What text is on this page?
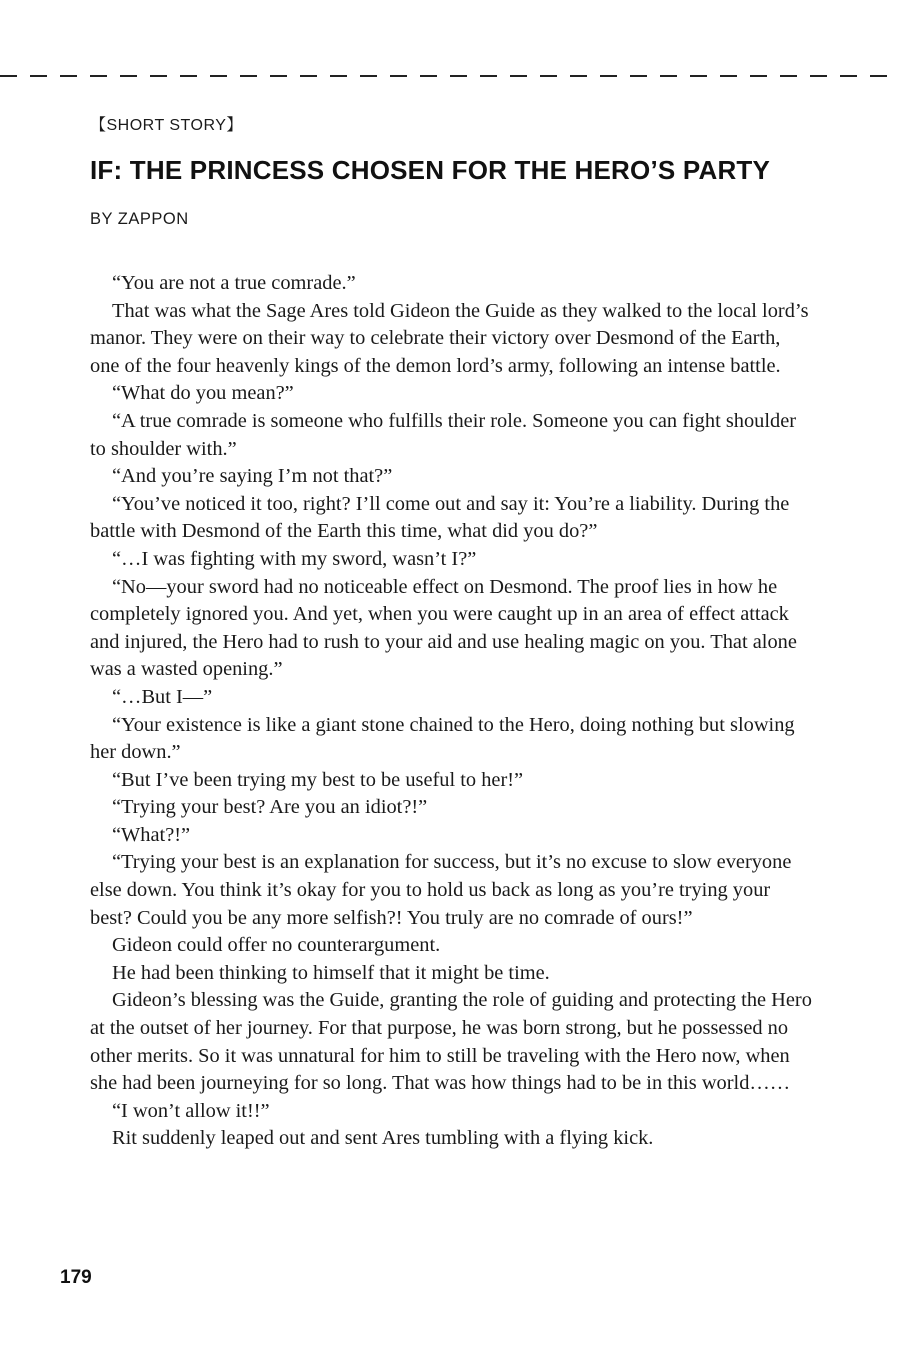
【SHORT STORY】
IF: THE PRINCESS CHOSEN FOR THE HERO’S PARTY
BY ZAPPON

“You are not a true comrade.”

That was what the Sage Ares told Gideon the Guide as they walked to the local lord’s manor. They were on their way to celebrate their victory over Desmond of the Earth, one of the four heavenly kings of the demon lord’s army, following an intense battle.

“What do you mean?”

“A true comrade is someone who fulfills their role. Someone you can fight shoulder to shoulder with.”

“And you’re saying I’m not that?”

“You’ve noticed it too, right? I’ll come out and say it: You’re a liability. During the battle with Desmond of the Earth this time, what did you do?”

“…I was fighting with my sword, wasn’t I?”

“No—your sword had no noticeable effect on Desmond. The proof lies in how he completely ignored you. And yet, when you were caught up in an area of effect attack and injured, the Hero had to rush to your aid and use healing magic on you. That alone was a wasted opening.”

“…But I—”

“Your existence is like a giant stone chained to the Hero, doing nothing but slowing her down.”

“But I’ve been trying my best to be useful to her!”

“Trying your best? Are you an idiot?!”

“What?!”

“Trying your best is an explanation for success, but it’s no excuse to slow everyone else down. You think it’s okay for you to hold us back as long as you’re trying your best? Could you be any more selfish?! You truly are no comrade of ours!”

Gideon could offer no counterargument.

He had been thinking to himself that it might be time.

Gideon’s blessing was the Guide, granting the role of guiding and protecting the Hero at the outset of her journey. For that purpose, he was born strong, but he possessed no other merits. So it was unnatural for him to still be traveling with the Hero now, when she had been journeying for so long. That was how things had to be in this world……

“I won’t allow it!!”

Rit suddenly leaped out and sent Ares tumbling with a flying kick.

179
